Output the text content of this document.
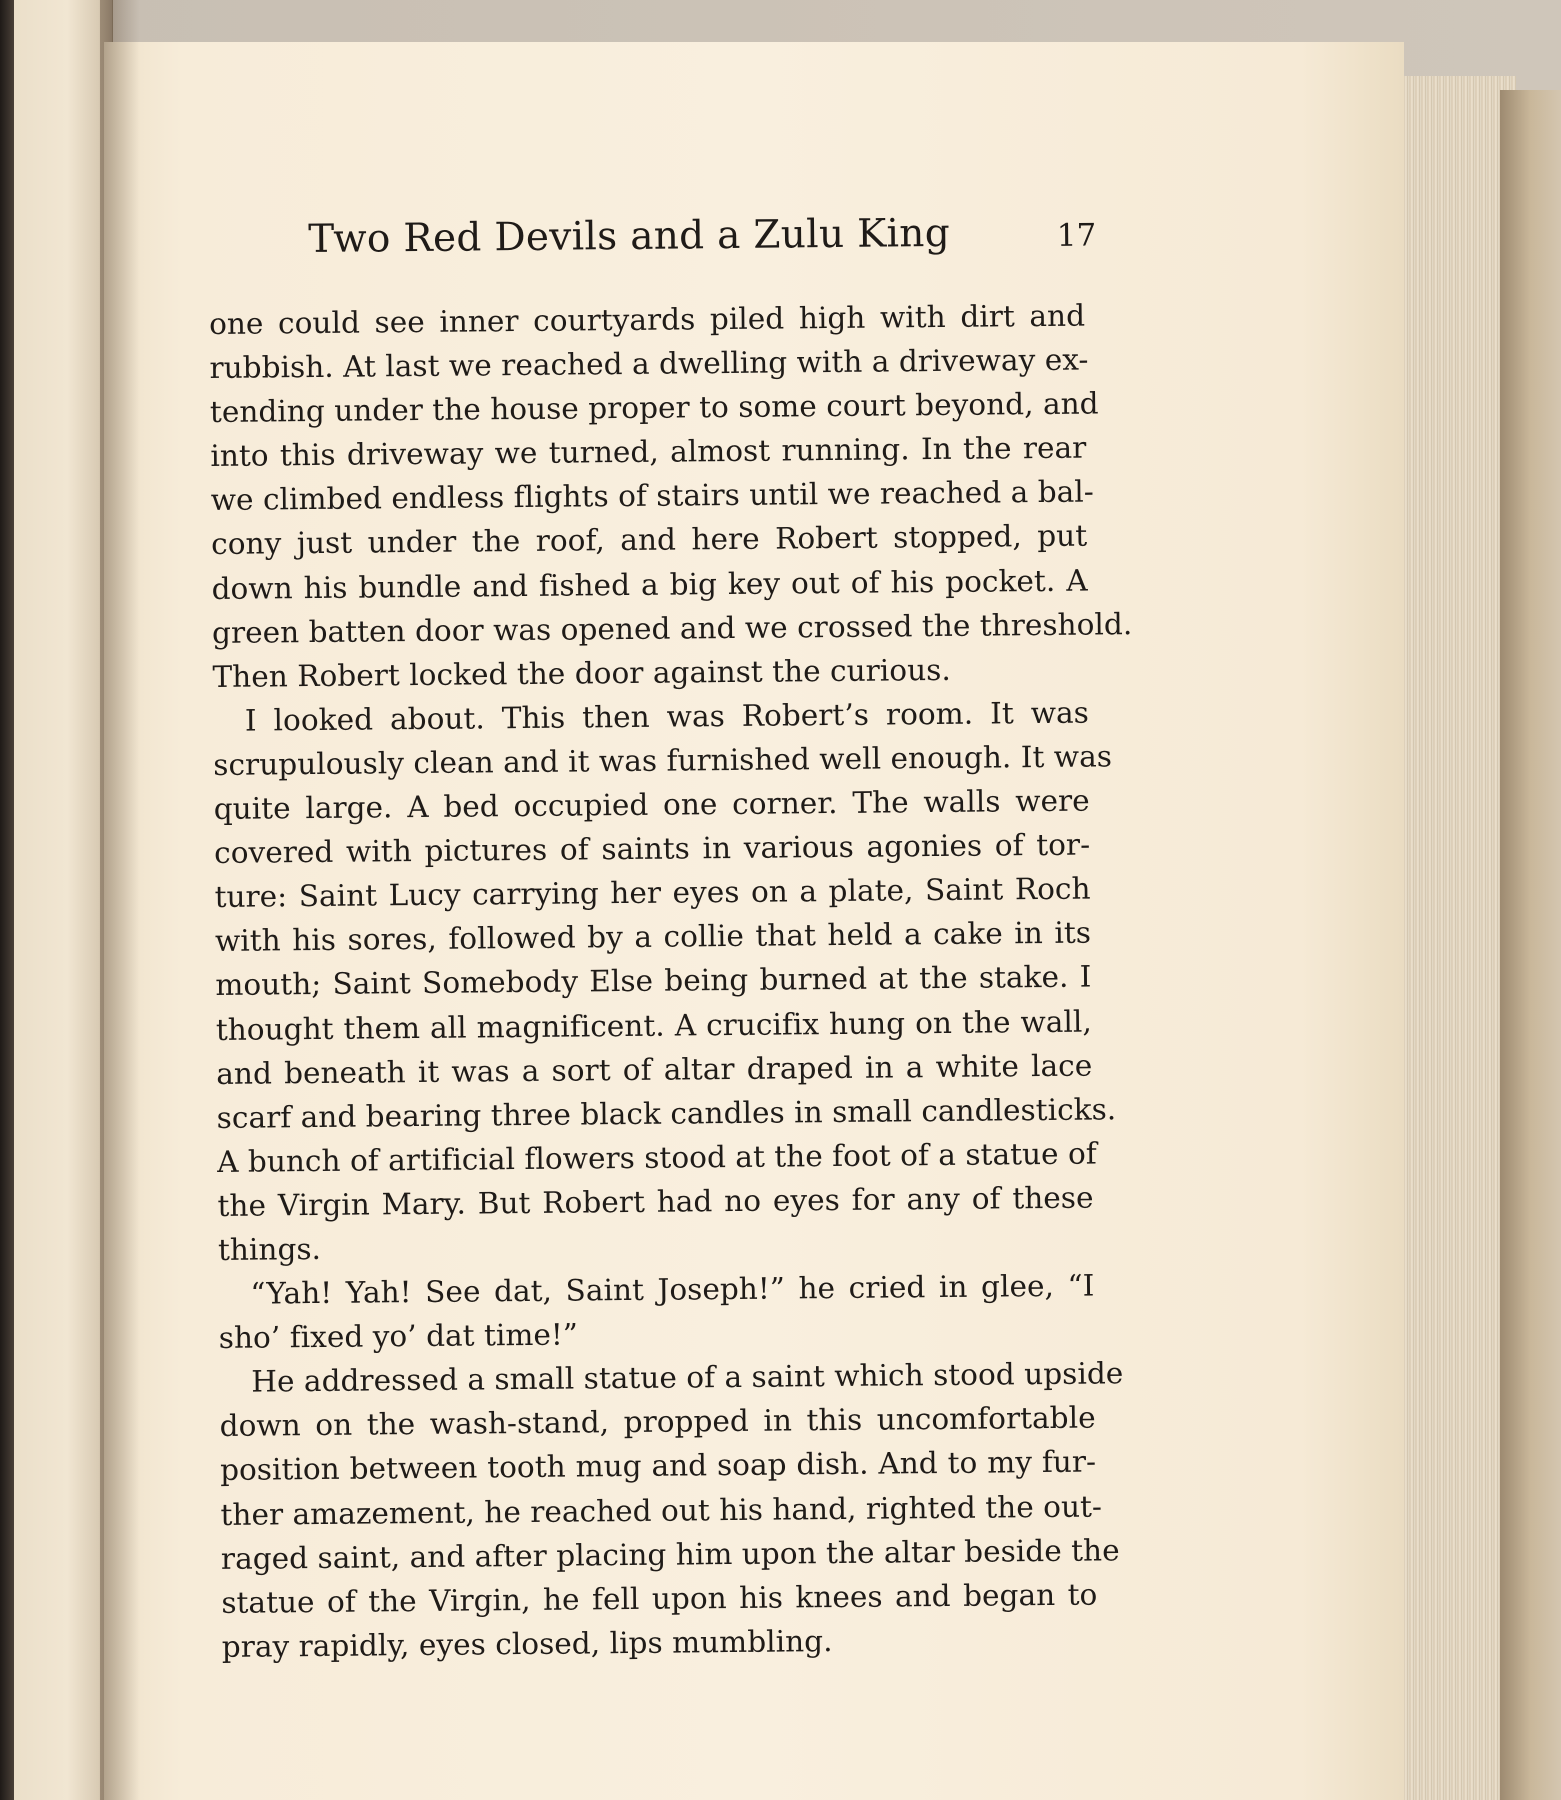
Two Red Devils and a Zulu King	17
one could see inner courtyards piled high with dirt and
rubbish. At last we reached a dwelling with a driveway ex-
tending under the house proper to some court beyond, and
into this driveway we turned, almost running. In the rear
we climbed endless flights of stairs until we reached a bal-
cony just under the roof, and here Robert stopped, put
down his bundle and fished a big key out of his pocket. A
green batten door was opened and we crossed the threshold.
Then Robert locked the door against the curious.
I looked about. This then was Robert’s room. It was
scrupulously clean and it was furnished well enough. It was
quite large. A bed occupied one corner. The walls were
covered with pictures of saints in various agonies of tor-
ture: Saint Lucy carrying her eyes on a plate, Saint Roch
with his sores, followed by a collie that held a cake in its
mouth; Saint Somebody Else being burned at the stake. I
thought them all magnificent. A crucifix hung on the wall,
and beneath it was a sort of altar draped in a white lace
scarf and bearing three black candles in small candlesticks.
A bunch of artificial flowers stood at the foot of a statue of
the Virgin Mary. But Robert had no eyes for any of these
things.
“Yah! Yah! See dat, Saint Joseph!” he cried in glee, “I
sho’ fixed yo’ dat time!”
He addressed a small statue of a saint which stood upside
down on the wash-stand, propped in this uncomfortable
position between tooth mug and soap dish. And to my fur-
ther amazement, he reached out his hand, righted the out-
raged saint, and after placing him upon the altar beside the
statue of the Virgin, he fell upon his knees and began to
pray rapidly, eyes closed, lips mumbling.
